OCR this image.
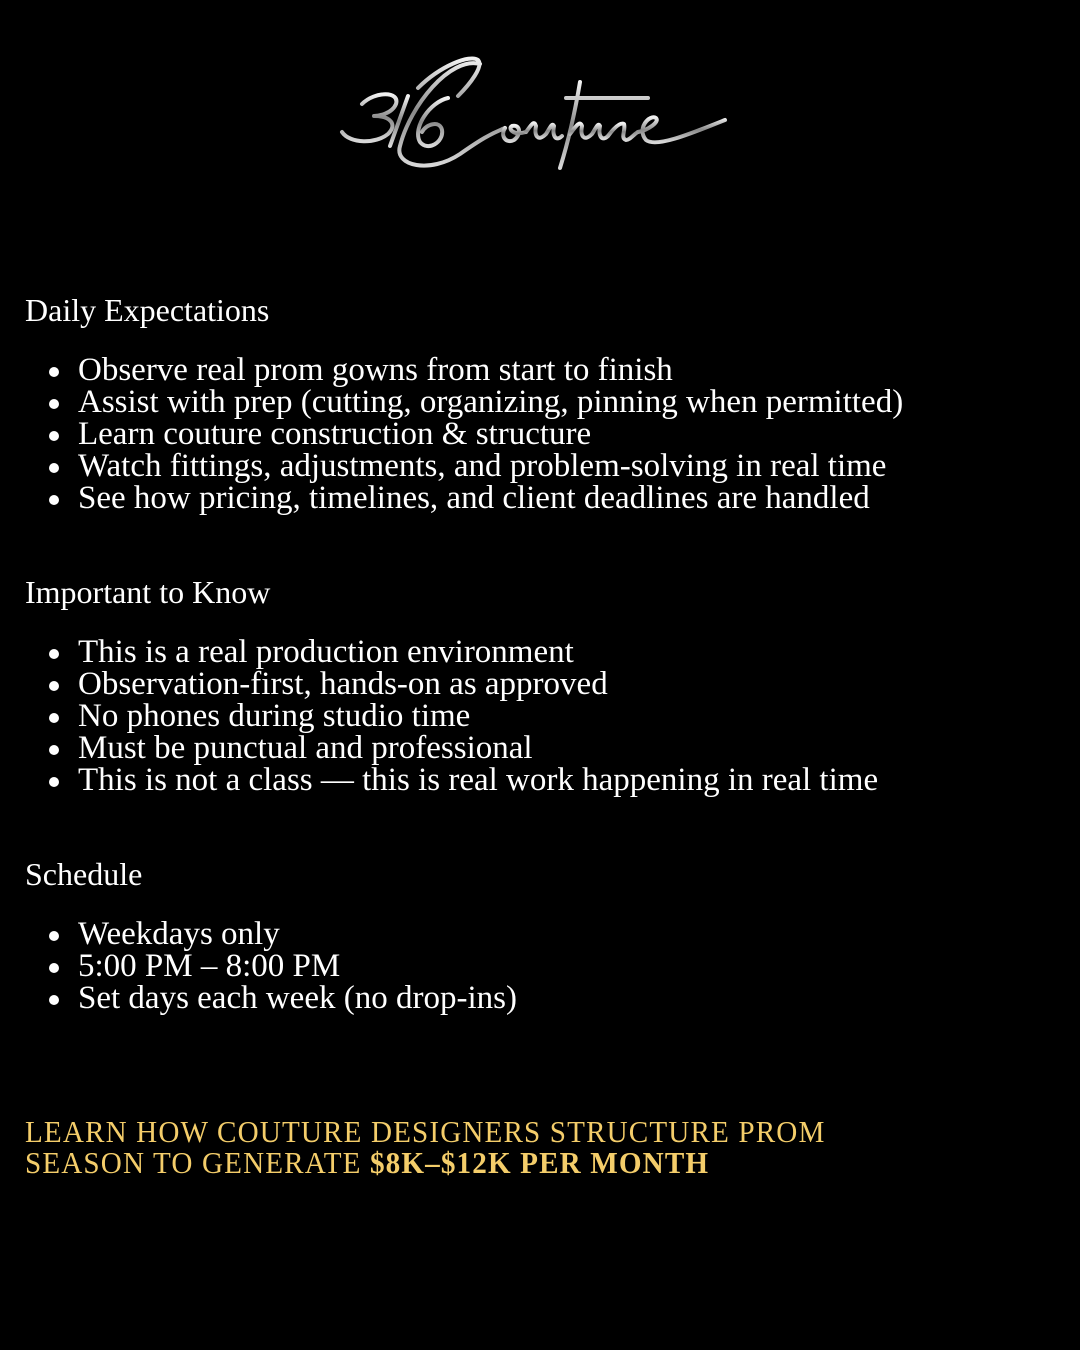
Daily Expectations
Observe real prom gowns from start to finish
Assist with prep (cutting, organizing, pinning when permitted)
Learn couture construction & structure
Watch fittings, adjustments, and problem-solving in real time
See how pricing, timelines, and client deadlines are handled
Important to Know
This is a real production environment
Observation-first, hands-on as approved
No phones during studio time
Must be punctual and professional
This is not a class — this is real work happening in real time
Schedule
Weekdays only
5:00 PM – 8:00 PM
Set days each week (no drop-ins)
LEARN HOW COUTURE DESIGNERS STRUCTURE PROM
SEASON TO GENERATE $8K–$12K PER MONTH
